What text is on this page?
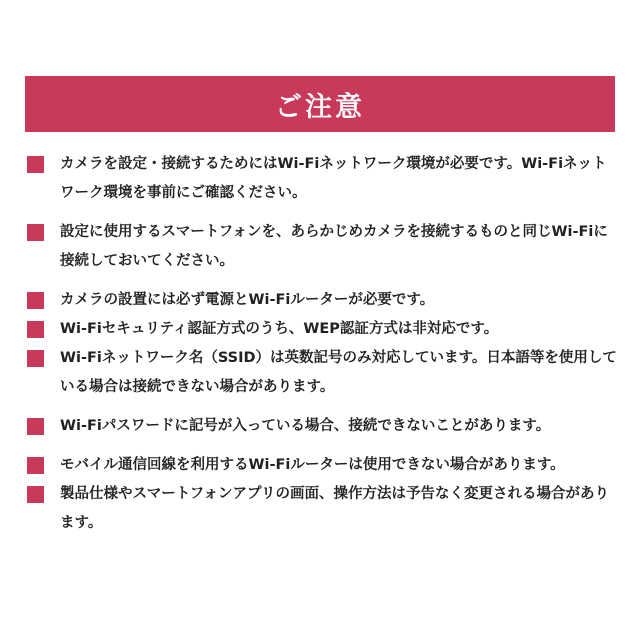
ご注意
カメラを設定・接続するためにはWi-Fiネットワーク環境が必要です。Wi-Fiネットワーク環境を事前にご確認ください。
設定に使用するスマートフォンを、あらかじめカメラを接続するものと同じWi-Fiに接続しておいてください。
カメラの設置には必ず電源とWi-Fiルーターが必要です。
Wi-Fiセキュリティ認証方式のうち、WEP認証方式は非対応です。
Wi-Fiネットワーク名（SSID）は英数記号のみ対応しています。日本語等を使用している場合は接続できない場合があります。
Wi-Fiパスワードに記号が入っている場合、接続できないことがあります。
モバイル通信回線を利用するWi-Fiルーターは使用できない場合があります。
製品仕様やスマートフォンアプリの画面、操作方法は予告なく変更される場合があります。
